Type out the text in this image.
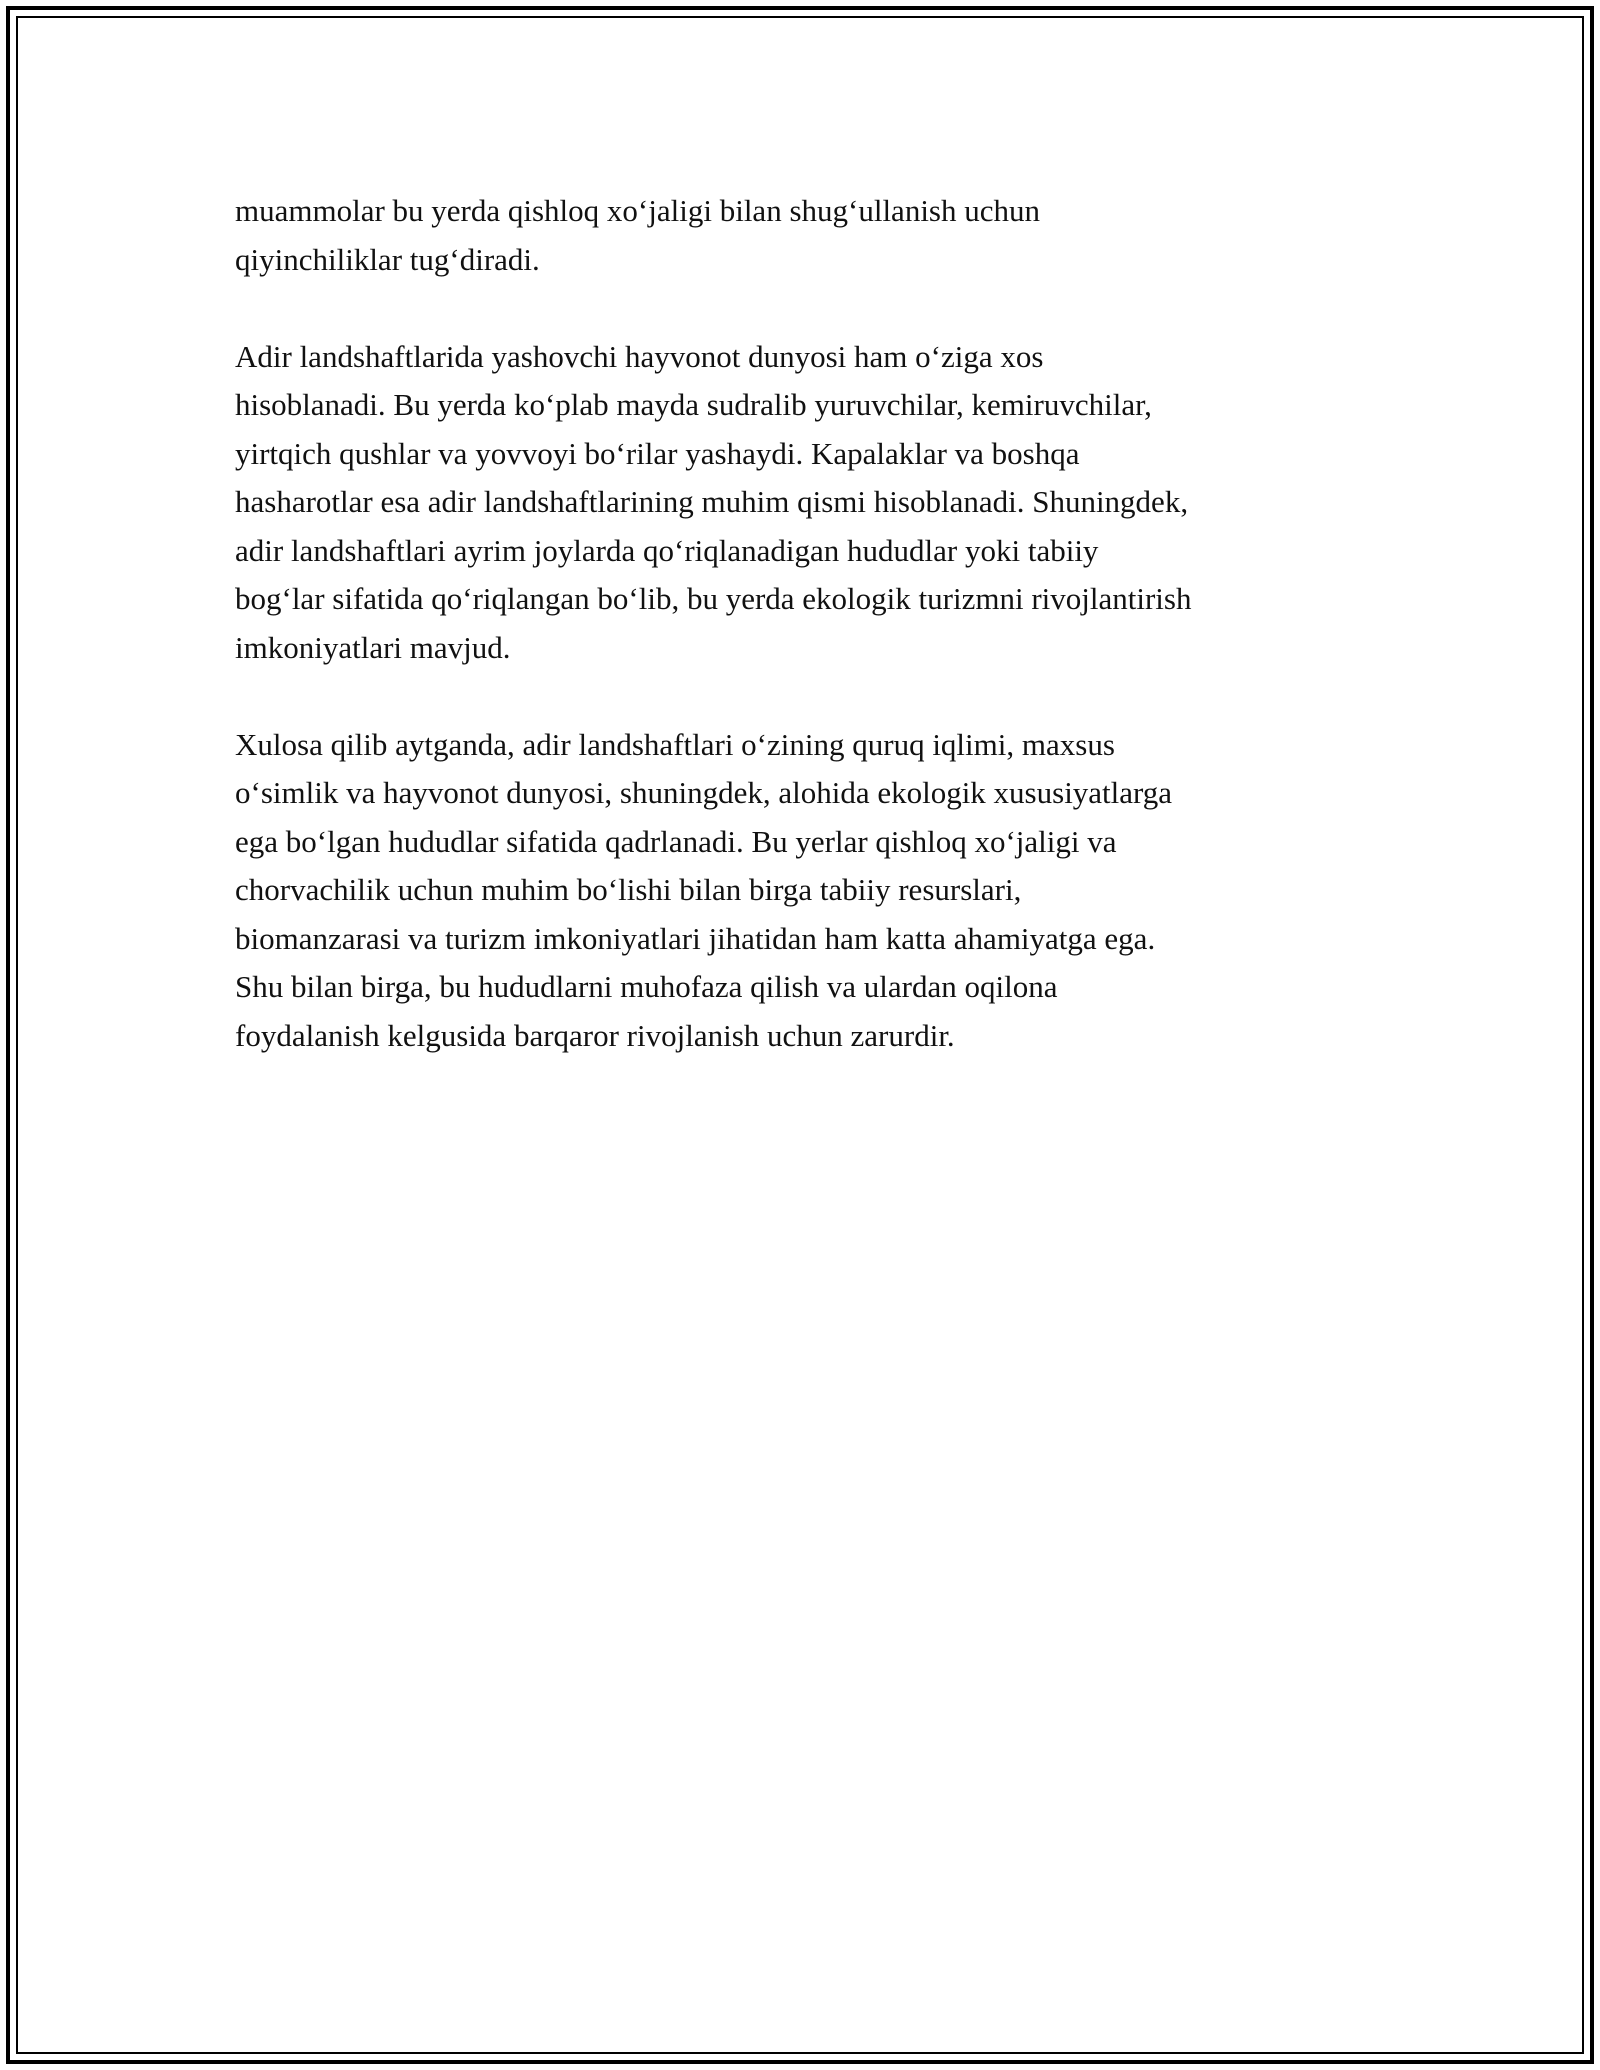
muammolar bu yerda qishloq xo‘jaligi bilan shug‘ullanish uchun
qiyinchiliklar tug‘diradi.

Adir landshaftlarida yashovchi hayvonot dunyosi ham o‘ziga xos
hisoblanadi. Bu yerda ko‘plab mayda sudralib yuruvchilar, kemiruvchilar,
yirtqich qushlar va yovvoyi bo‘rilar yashaydi. Kapalaklar va boshqa
hasharotlar esa adir landshaftlarining muhim qismi hisoblanadi. Shuningdek,
adir landshaftlari ayrim joylarda qo‘riqlanadigan hududlar yoki tabiiy
bog‘lar sifatida qo‘riqlangan bo‘lib, bu yerda ekologik turizmni rivojlantirish
imkoniyatlari mavjud.

Xulosa qilib aytganda, adir landshaftlari o‘zining quruq iqlimi, maxsus
o‘simlik va hayvonot dunyosi, shuningdek, alohida ekologik xususiyatlarga
ega bo‘lgan hududlar sifatida qadrlanadi. Bu yerlar qishloq xo‘jaligi va
chorvachilik uchun muhim bo‘lishi bilan birga tabiiy resurslari,
biomanzarasi va turizm imkoniyatlari jihatidan ham katta ahamiyatga ega.
Shu bilan birga, bu hududlarni muhofaza qilish va ulardan oqilona
foydalanish kelgusida barqaror rivojlanish uchun zarurdir.
